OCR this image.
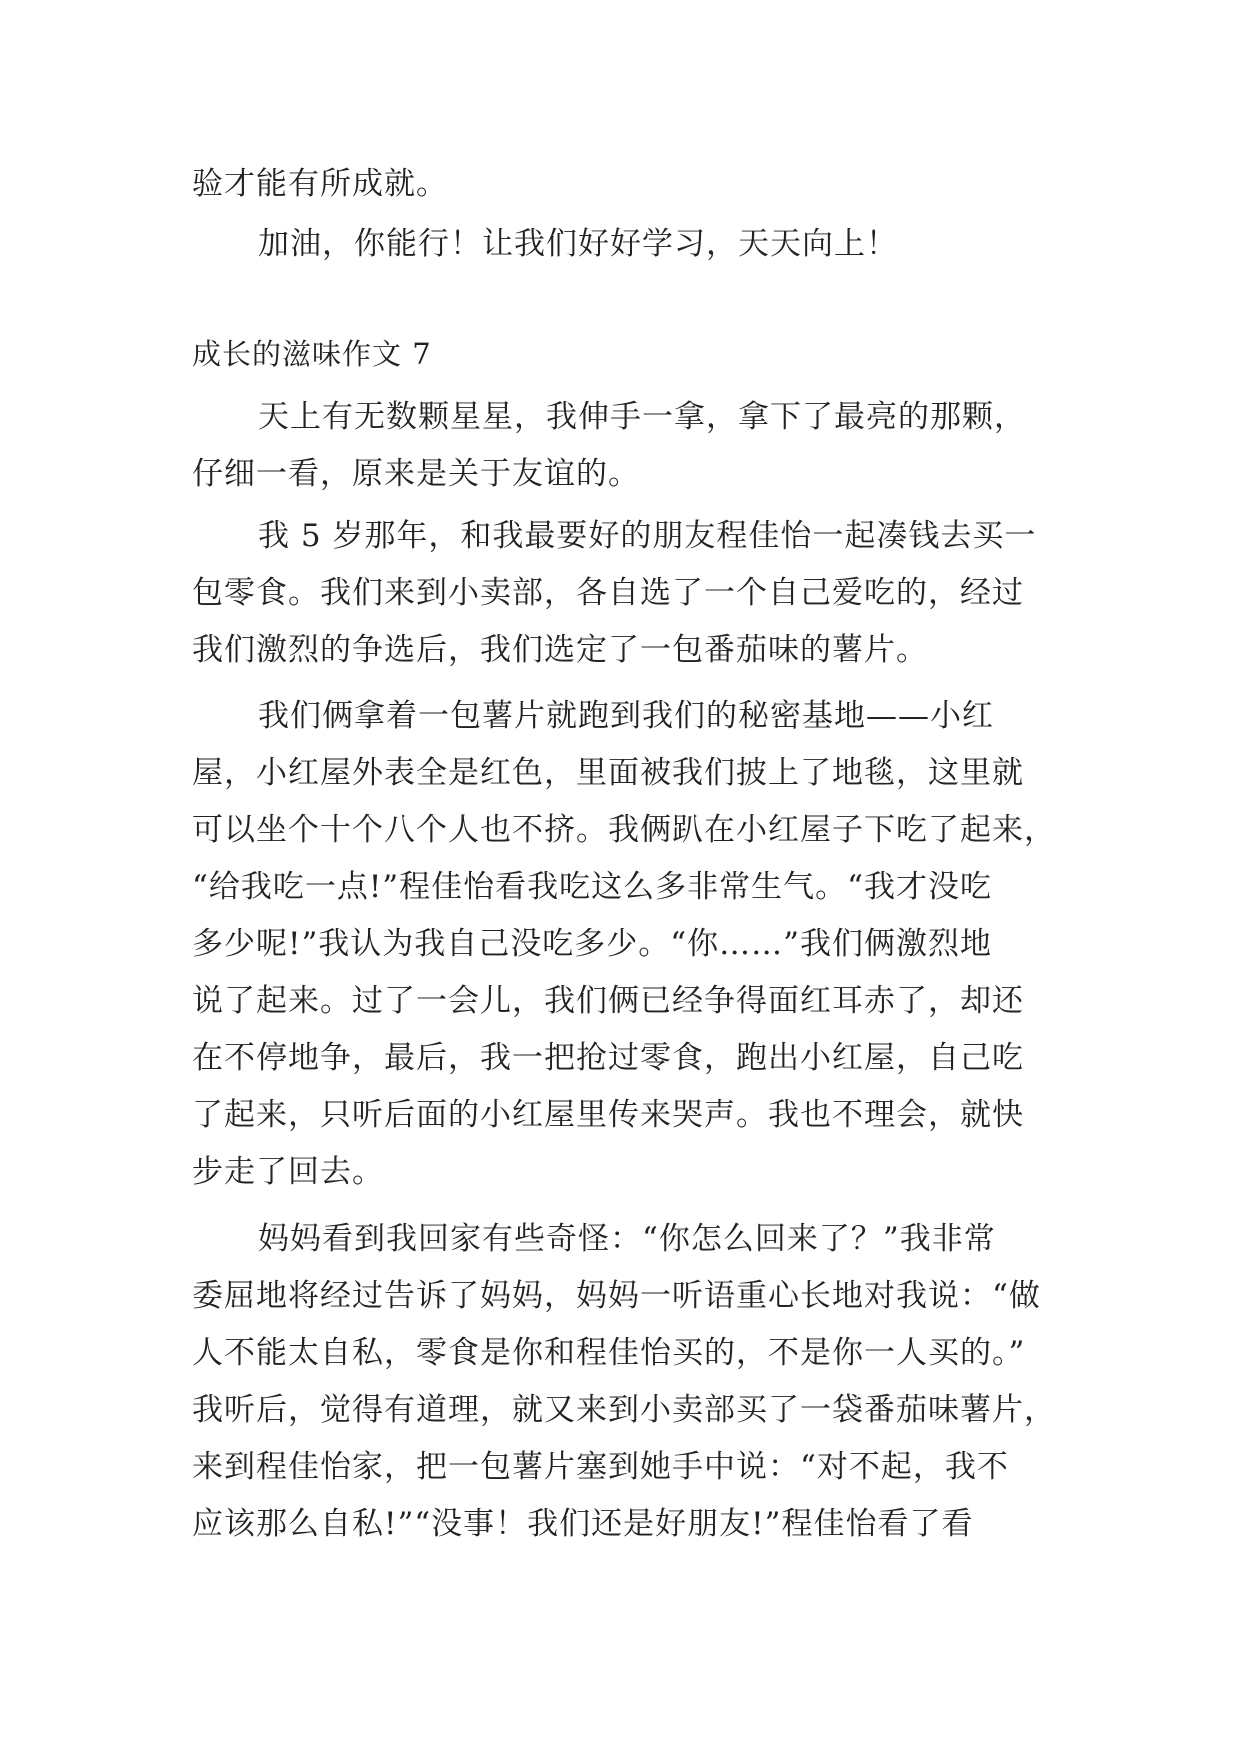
验才能有所成就。
加油，你能行！让我们好好学习，天天向上！
成长的滋味作文 7
天上有无数颗星星，我伸手一拿，拿下了最亮的那颗，
仔细一看，原来是关于友谊的。
我 5 岁那年，和我最要好的朋友程佳怡一起凑钱去买一
包零食。我们来到小卖部，各自选了一个自己爱吃的，经过
我们激烈的争选后，我们选定了一包番茄味的薯片。
我们俩拿着一包薯片就跑到我们的秘密基地——小红
屋，小红屋外表全是红色，里面被我们披上了地毯，这里就
可以坐个十个八个人也不挤。我俩趴在小红屋子下吃了起来，
“给我吃一点!”程佳怡看我吃这么多非常生气。“我才没吃
多少呢!”我认为我自己没吃多少。“你……”我们俩激烈地
说了起来。过了一会儿，我们俩已经争得面红耳赤了，却还
在不停地争，最后，我一把抢过零食，跑出小红屋，自己吃
了起来，只听后面的小红屋里传来哭声。我也不理会，就快
步走了回去。
妈妈看到我回家有些奇怪：“你怎么回来了？”我非常
委屈地将经过告诉了妈妈，妈妈一听语重心长地对我说：“做
人不能太自私，零食是你和程佳怡买的，不是你一人买的。”
我听后，觉得有道理，就又来到小卖部买了一袋番茄味薯片，
来到程佳怡家，把一包薯片塞到她手中说：“对不起，我不
应该那么自私!”“没事！我们还是好朋友!”程佳怡看了看
